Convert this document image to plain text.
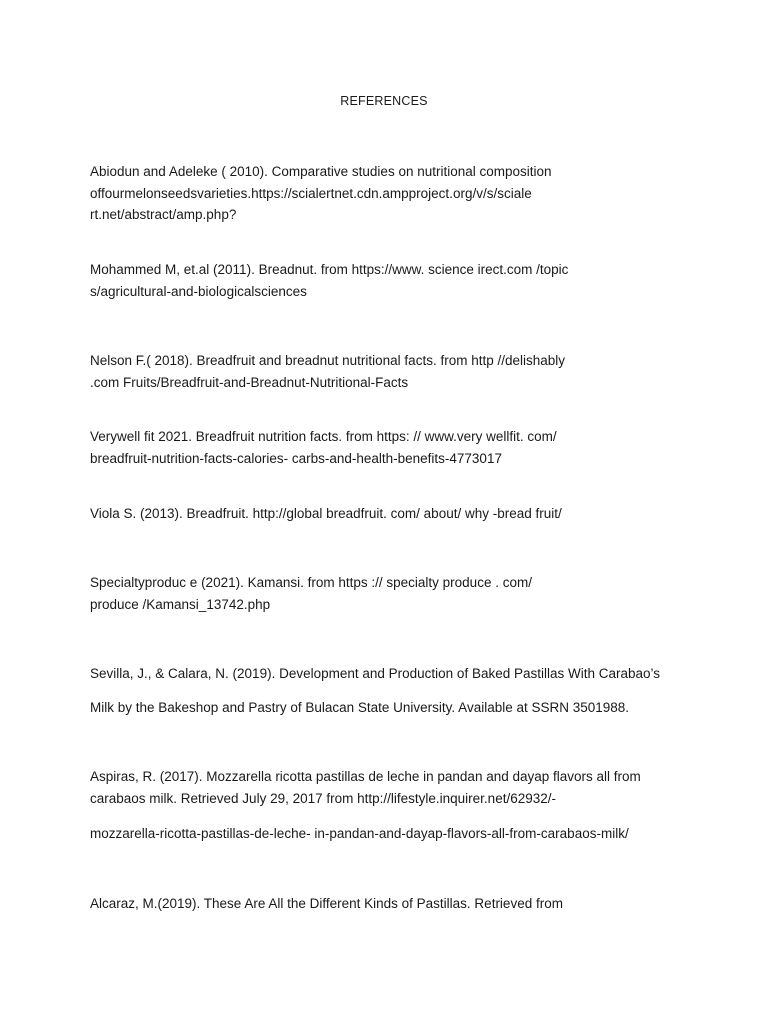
REFERENCES
Abiodun and Adeleke ( 2010). Comparative studies on nutritional composition
offourmelonseedsvarieties.https://scialertnet.cdn.ampproject.org/v/s/sciale
rt.net/abstract/amp.php?
Mohammed M, et.al (2011). Breadnut. from https://www. science irect.com /topic
s/agricultural-and-biologicalsciences
Nelson F.( 2018). Breadfruit and breadnut nutritional facts. from http //delishably
.com Fruits/Breadfruit-and-Breadnut-Nutritional-Facts
Verywell fit 2021. Breadfruit nutrition facts. from https: // www.very wellfit. com/
breadfruit-nutrition-facts-calories- carbs-and-health-benefits-4773017
Viola S. (2013). Breadfruit. http://global breadfruit. com/ about/ why -bread fruit/
Specialtyproduc e (2021). Kamansi. from https :// specialty produce . com/
produce /Kamansi_13742.php
Sevilla, J., & Calara, N. (2019). Development and Production of Baked Pastillas With Carabao’s
Milk by the Bakeshop and Pastry of Bulacan State University. Available at SSRN 3501988.
Aspiras, R. (2017). Mozzarella ricotta pastillas de leche in pandan and dayap flavors all from
carabaos milk. Retrieved July 29, 2017 from http://lifestyle.inquirer.net/62932/-
mozzarella-ricotta-pastillas-de-leche- in-pandan-and-dayap-flavors-all-from-carabaos-milk/
Alcaraz, M.(2019). These Are All the Different Kinds of Pastillas. Retrieved from
